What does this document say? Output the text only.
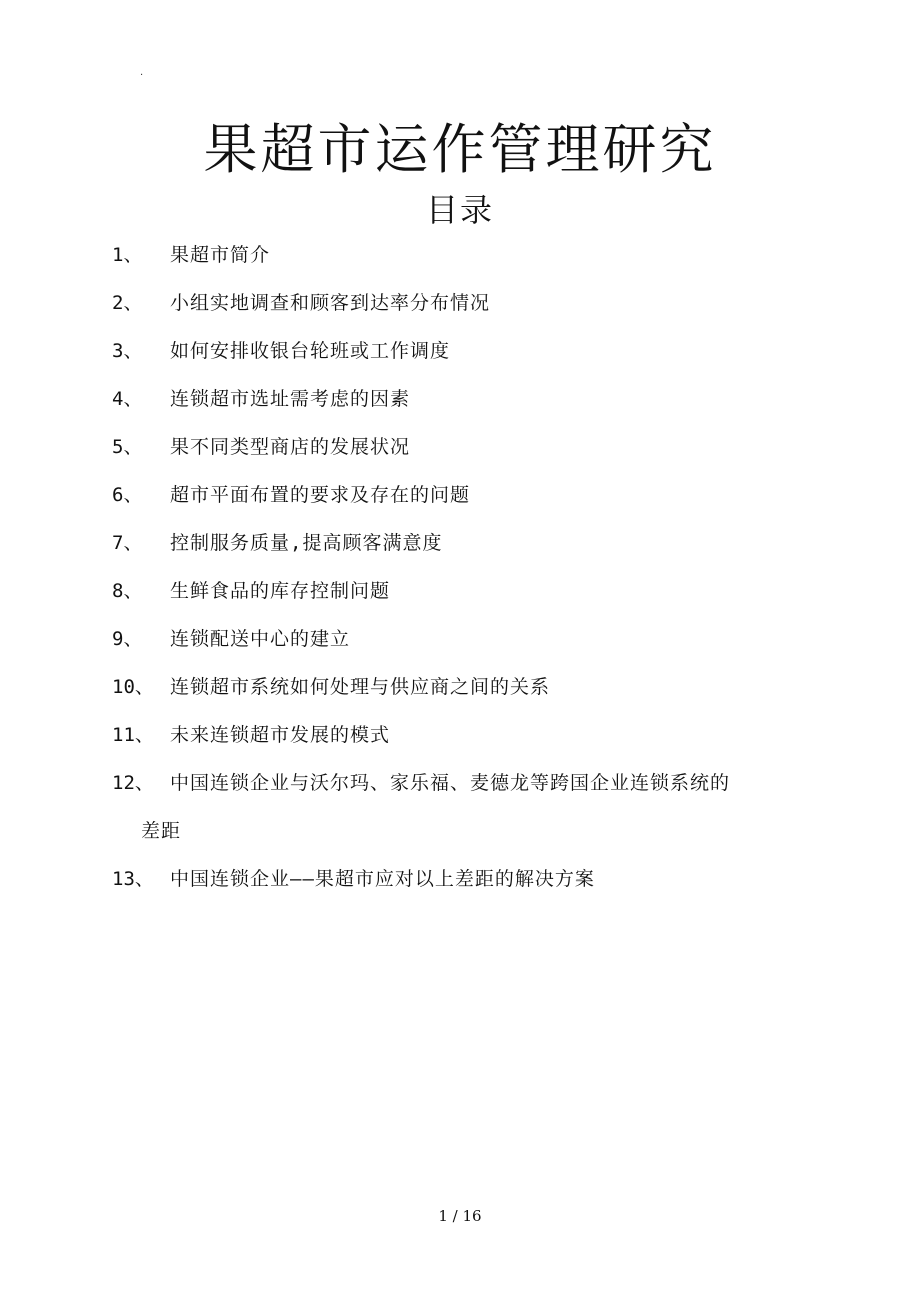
.
果超市运作管理研究
目录
1、	果超市简介
2、	小组实地调查和顾客到达率分布情况
3、	如何安排收银台轮班或工作调度
4、	连锁超市选址需考虑的因素
5、	果不同类型商店的发展状况
6、	超市平面布置的要求及存在的问题
7、	控制服务质量,提高顾客满意度
8、	生鲜食品的库存控制问题
9、	连锁配送中心的建立
10、 连锁超市系统如何处理与供应商之间的关系
11、 未来连锁超市发展的模式
12、 中国连锁企业与沃尔玛、家乐福、麦德龙等跨国企业连锁系统的
差距
13、 中国连锁企业——果超市应对以上差距的解决方案
1 / 16
